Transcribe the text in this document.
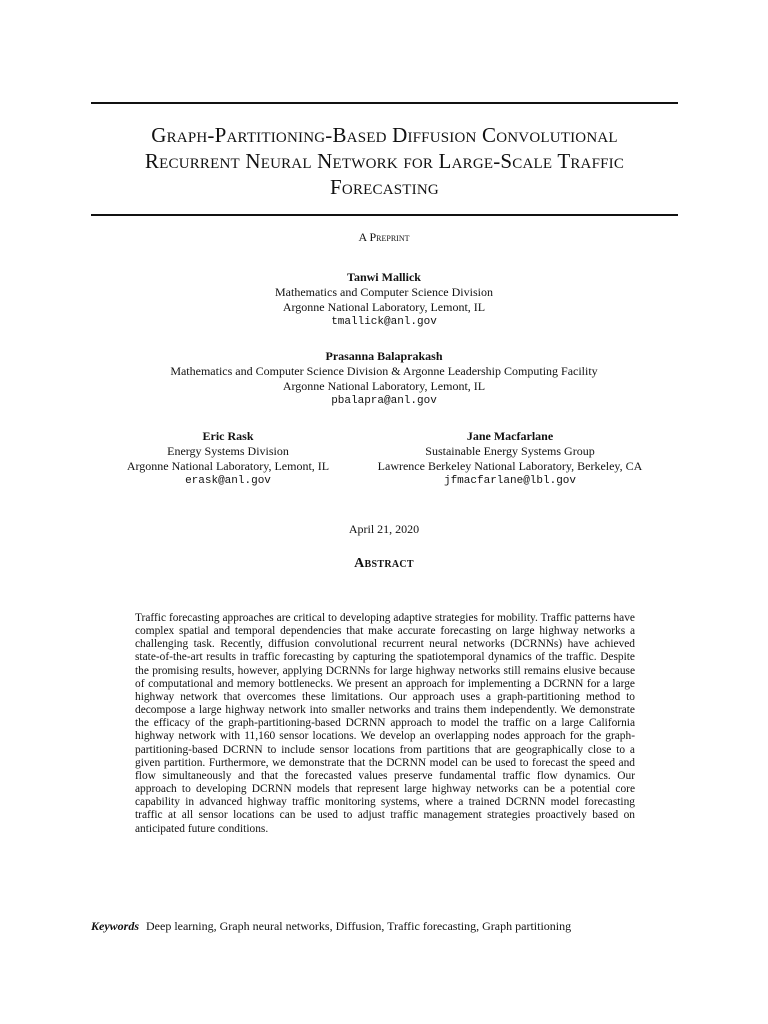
Graph-Partitioning-Based Diffusion Convolutional
Recurrent Neural Network for Large-Scale Traffic
Forecasting
A Preprint
Tanwi Mallick
Mathematics and Computer Science Division
Argonne National Laboratory, Lemont, IL
tmallick@anl.gov
Prasanna Balaprakash
Mathematics and Computer Science Division & Argonne Leadership Computing Facility
Argonne National Laboratory, Lemont, IL
pbalapra@anl.gov
Eric Rask
Energy Systems Division
Argonne National Laboratory, Lemont, IL
erask@anl.gov
Jane Macfarlane
Sustainable Energy Systems Group
Lawrence Berkeley National Laboratory, Berkeley, CA
jfmacfarlane@lbl.gov
April 21, 2020
Abstract
Traffic forecasting approaches are critical to developing adaptive strategies for mobility. Traffic patterns have complex spatial and temporal dependencies that make accurate forecasting on large highway networks a challenging task. Recently, diffusion convolutional recurrent neural networks (DCRNNs) have achieved state-of-the-art results in traffic forecasting by capturing the spatiotemporal dynamics of the traffic. Despite the promising results, however, applying DCRNNs for large highway networks still remains elusive because of computational and memory bottlenecks. We present an approach for implementing a DCRNN for a large highway network that overcomes these limitations. Our approach uses a graph-partitioning method to decompose a large highway network into smaller networks and trains them independently. We demonstrate the efficacy of the graph-partitioning-based DCRNN approach to model the traffic on a large California highway network with 11,160 sensor locations. We develop an overlapping nodes approach for the graph-partitioning-based DCRNN to include sensor locations from partitions that are geographically close to a given partition. Furthermore, we demonstrate that the DCRNN model can be used to forecast the speed and flow simultaneously and that the forecasted values preserve fundamental traffic flow dynamics. Our approach to developing DCRNN models that represent large highway networks can be a potential core capability in advanced highway traffic monitoring systems, where a trained DCRNN model forecasting traffic at all sensor locations can be used to adjust traffic management strategies proactively based on anticipated future conditions.
Keywords Deep learning, Graph neural networks, Diffusion, Traffic forecasting, Graph partitioning
